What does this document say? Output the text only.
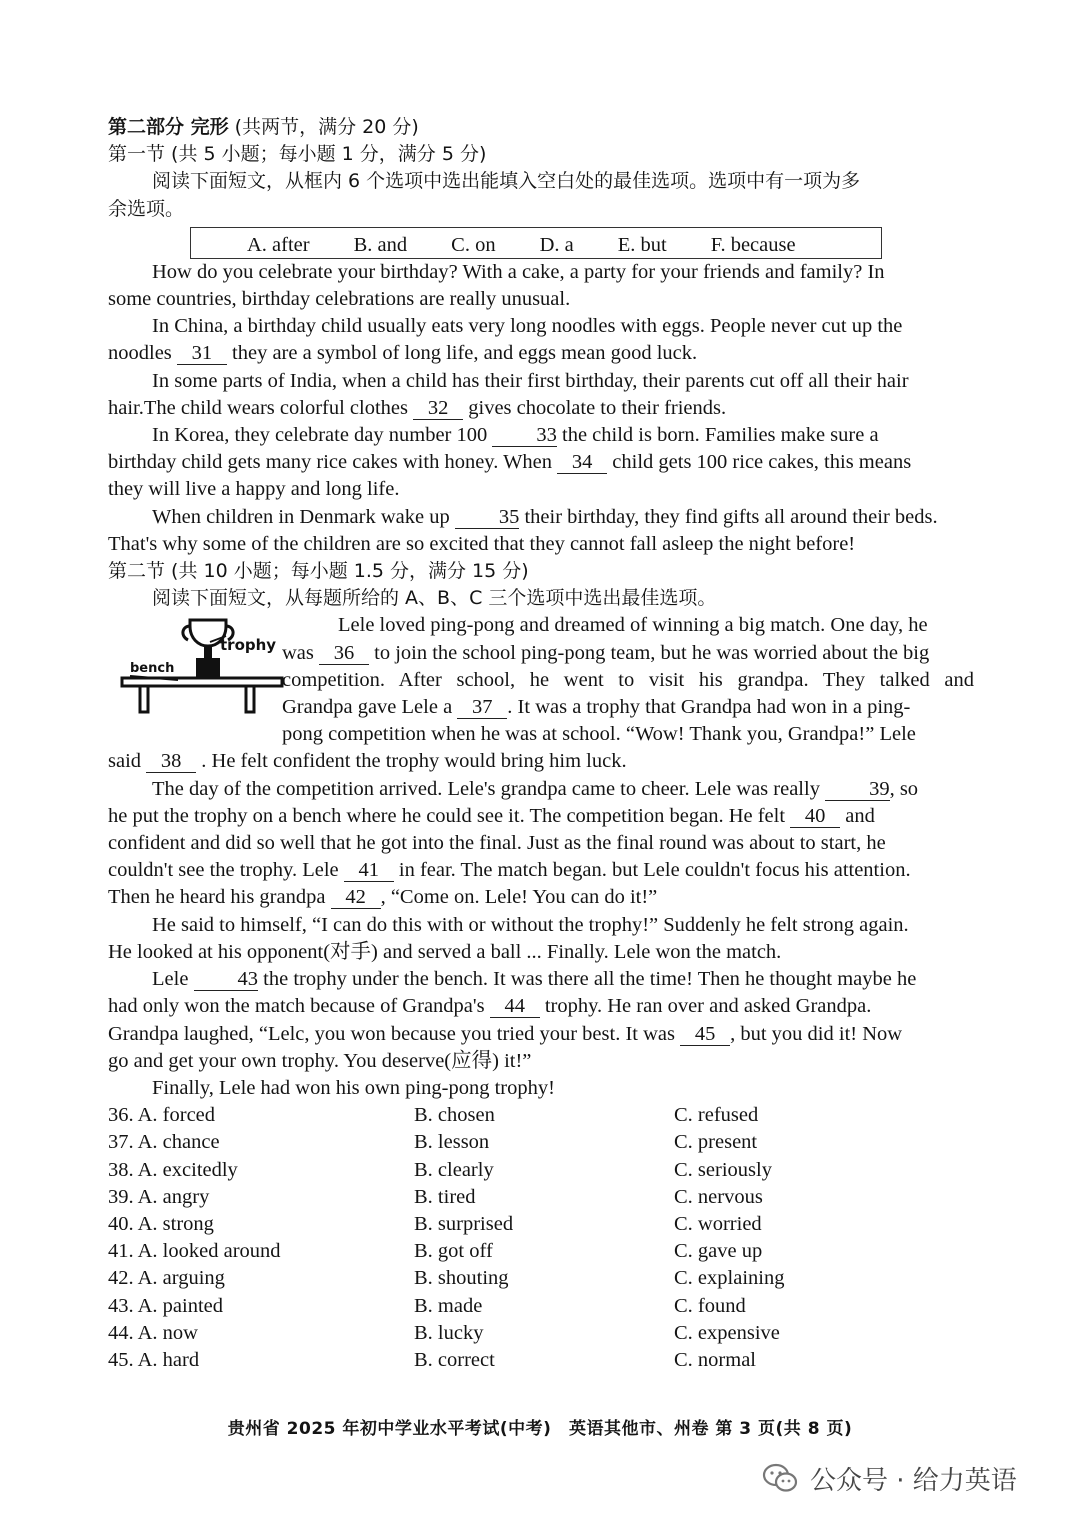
第二部分 完形 (共两节，满分 20 分)
第一节 (共 5 小题；每小题 1 分，满分 5 分)
阅读下面短文，从框内 6 个选项中选出能填入空白处的最佳选项。选项中有一项为多
余选项。
A. after B. and C. on D. a E. but F. because
How do you celebrate your birthday? With a cake, a party for your friends and family? In
some countries, birthday celebrations are really unusual.
In China, a birthday child usually eats very long noodles with eggs. People never cut up the
noodles 31 they are a symbol of long life, and eggs mean good luck.
In some parts of India, when a child has their first birthday, their parents cut off all their hair
hair.The child wears colorful clothes 32 gives chocolate to their friends.
In Korea, they celebrate day number 100 33 the child is born. Families make sure a
birthday child gets many rice cakes with honey. When 34 child gets 100 rice cakes, this means
they will live a happy and long life.
When children in Denmark wake up 35 their birthday, they find gifts all around their beds.
That's why some of the children are so excited that they cannot fall asleep the night before!
第二节 (共 10 小题；每小题 1.5 分，满分 15 分)
阅读下面短文，从每题所给的 A、B、C 三个选项中选出最佳选项。
trophy
bench
Lele loved ping-pong and dreamed of winning a big match. One day, he
was 36 to join the school ping-pong team, but he was worried about the big
competition. After school, he went to visit his grandpa. They talked and
Grandpa gave Lele a 37 . It was a trophy that Grandpa had won in a ping-
pong competition when he was at school. “Wow! Thank you, Grandpa!” Lele
said 38 . He felt confident the trophy would bring him luck.
The day of the competition arrived. Lele's grandpa came to cheer. Lele was really 39, so
he put the trophy on a bench where he could see it. The competition began. He felt 40 and
confident and did so well that he got into the final. Just as the final round was about to start, he
couldn't see the trophy. Lele 41 in fear. The match began. but Lele couldn't focus his attention.
Then he heard his grandpa 42 , “Come on. Lele! You can do it!”
He said to himself, “I can do this with or without the trophy!” Suddenly he felt strong again.
He looked at his opponent(对手) and served a ball ... Finally. Lele won the match.
Lele 43 the trophy under the bench. It was there all the time! Then he thought maybe he
had only won the match because of Grandpa's 44 trophy. He ran over and asked Grandpa.
Grandpa laughed, “Lelc, you won because you tried your best. It was 45 , but you did it! Now
go and get your own trophy. You deserve(应得) it!”
Finally, Lele had won his own ping-pong trophy!
36. A. forced	B. chosen	C. refused
37. A. chance	B. lesson	C. present
38. A. excitedly	B. clearly	C. seriously
39. A. angry	B. tired	C. nervous
40. A. strong	B. surprised	C. worried
41. A. looked around	B. got off	C. gave up
42. A. arguing	B. shouting	C. explaining
43. A. painted	B. made	C. found
44. A. now	B. lucky	C. expensive
45. A. hard	B. correct	C. normal
贵州省 2025 年初中学业水平考试(中考)　英语其他市、州卷 第 3 页(共 8 页)
公众号 · 给力英语
